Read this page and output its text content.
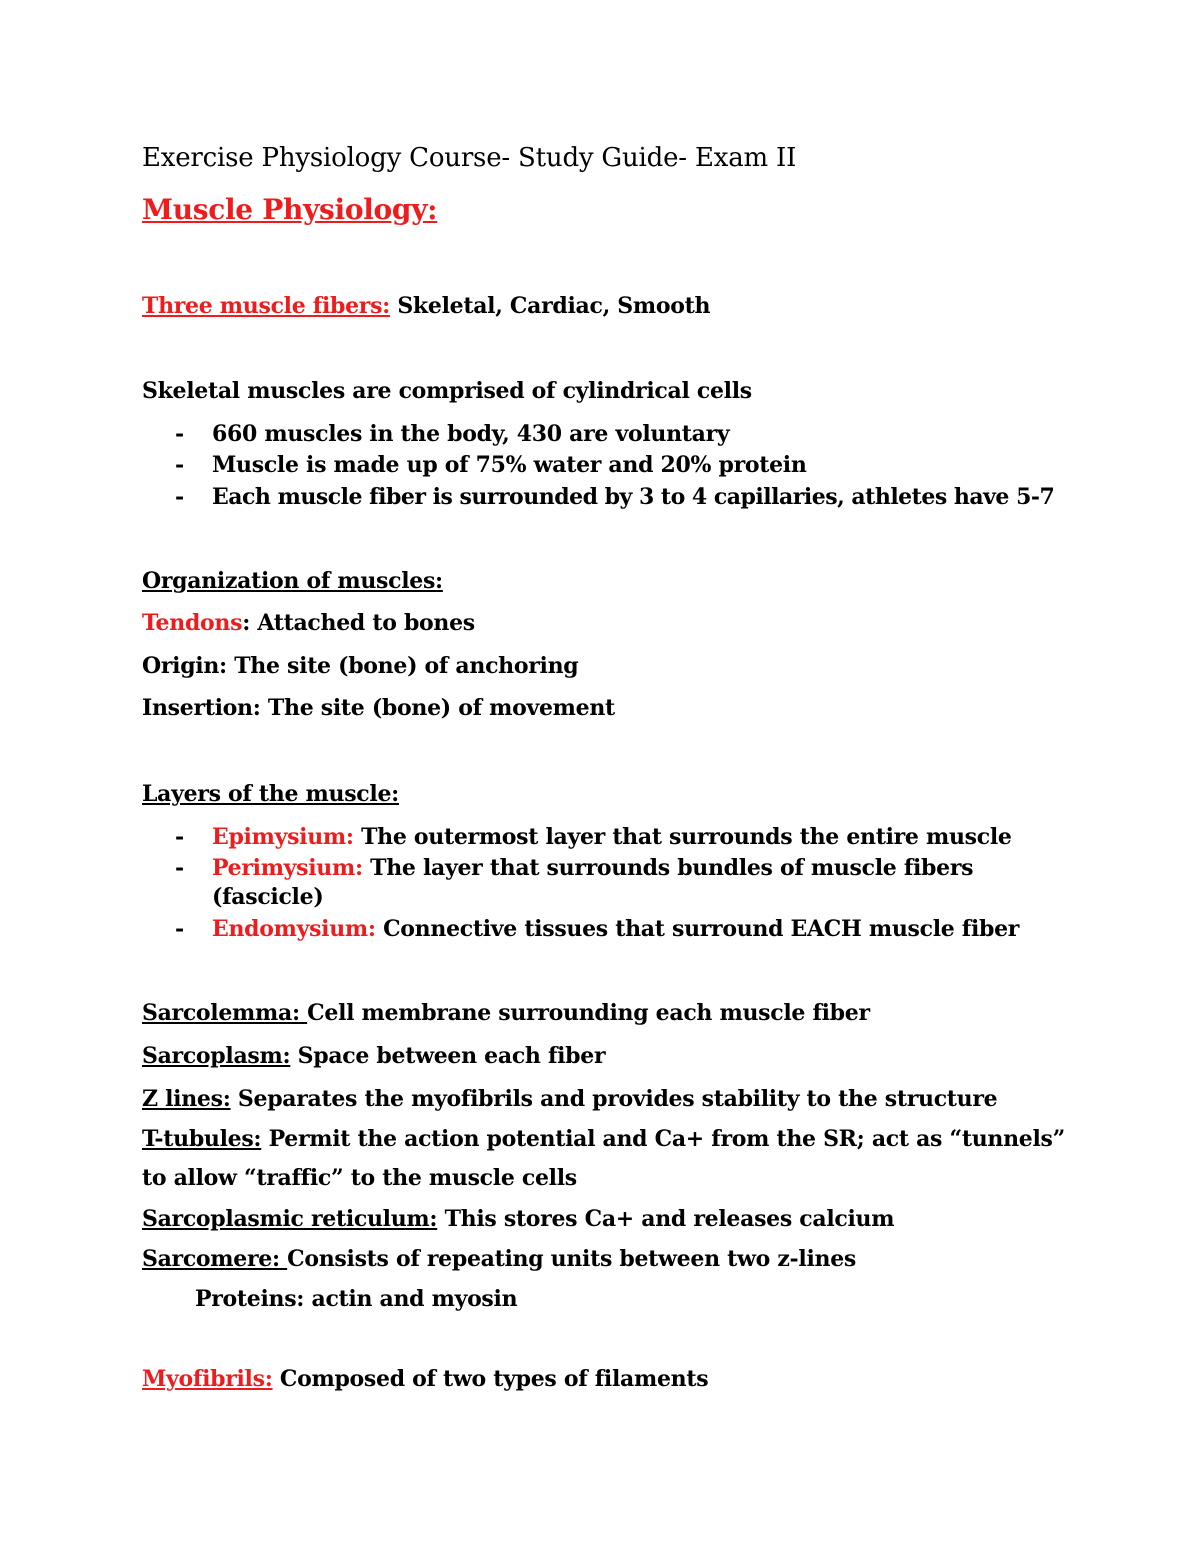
Exercise Physiology Course- Study Guide- Exam II
Muscle Physiology:
Three muscle fibers: Skeletal, Cardiac, Smooth
Skeletal muscles are comprised of cylindrical cells
- 660 muscles in the body, 430 are voluntary
- Muscle is made up of 75% water and 20% protein
- Each muscle fiber is surrounded by 3 to 4 capillaries, athletes have 5-7
Organization of muscles:
Tendons: Attached to bones
Origin: The site (bone) of anchoring
Insertion: The site (bone) of movement
Layers of the muscle:
- Epimysium: The outermost layer that surrounds the entire muscle
- Perimysium: The layer that surrounds bundles of muscle fibers
(fascicle)
- Endomysium: Connective tissues that surround EACH muscle fiber
Sarcolemma: Cell membrane surrounding each muscle fiber
Sarcoplasm: Space between each fiber
Z lines: Separates the myofibrils and provides stability to the structure
T-tubules: Permit the action potential and Ca+ from the SR; act as “tunnels”
to allow “traffic” to the muscle cells
Sarcoplasmic reticulum: This stores Ca+ and releases calcium
Sarcomere: Consists of repeating units between two z-lines
Proteins: actin and myosin
Myofibrils: Composed of two types of filaments
